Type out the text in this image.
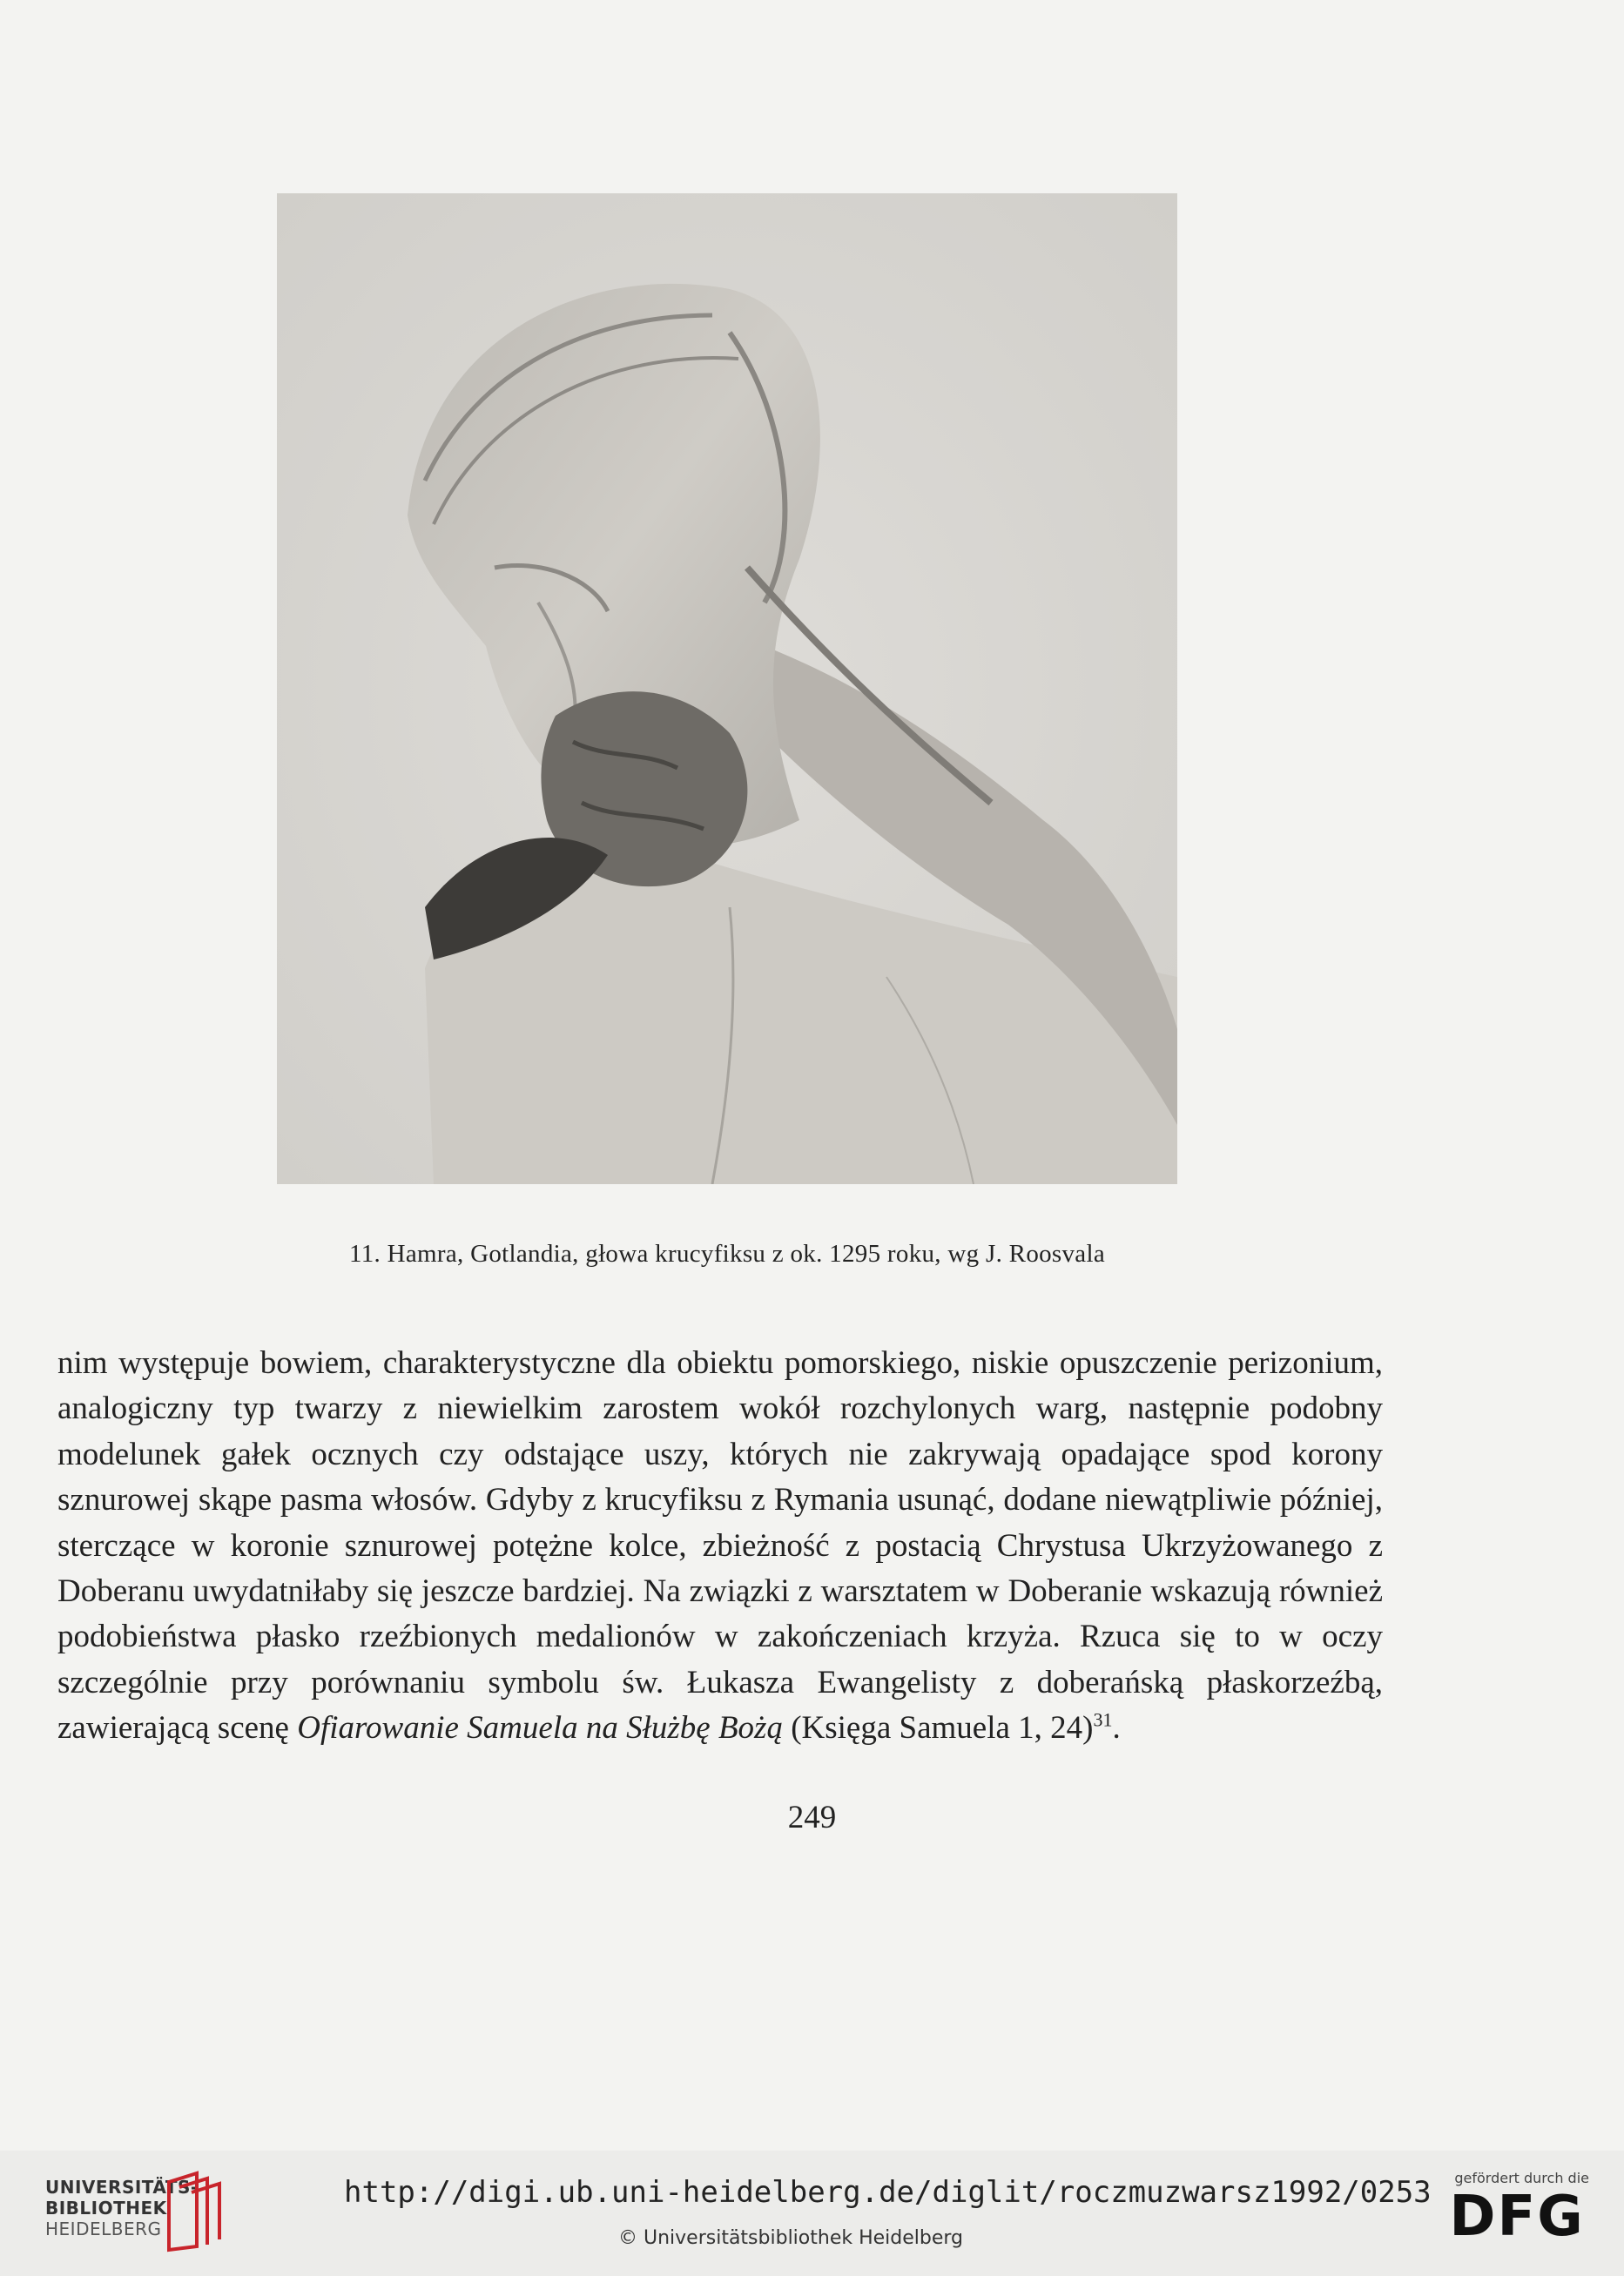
11. Hamra, Gotlandia, głowa krucyfiksu z ok. 1295 roku, wg J. Roosvala

nim występuje bowiem, charakterystyczne dla obiektu pomorskiego, niskie opuszczenie perizonium, analogiczny typ twarzy z niewielkim zarostem wokół rozchylonych warg, następnie podobny modelunek gałek ocznych czy odstające uszy, których nie zakrywają opadające spod korony sznurowej skąpe pasma włosów. Gdyby z krucyfiksu z Rymania usunąć, dodane niewątpliwie później, sterczące w koronie sznurowej potężne kolce, zbieżność z postacią Chrystusa Ukrzyżowanego z Doberanu uwydatniłaby się jeszcze bardziej. Na związki z warsztatem w Doberanie wskazują również podobieństwa płasko rzeźbionych medalionów w zakończeniach krzyża. Rzuca się to w oczy szczególnie przy porównaniu symbolu św. Łukasza Ewangelisty z doberańską płaskorzeźbą, zawierającą scenę Ofiarowanie Samuela na Służbę Bożą (Księga Samuela 1, 24)$^{31}$.

249
UNIVERSITÄTS-
BIBLIOTHEK
HEIDELBERG
http://digi.ub.uni-heidelberg.de/diglit/roczmuzwarsz1992/0253
© Universitätsbibliothek Heidelberg
gefördert durch die
DFG
